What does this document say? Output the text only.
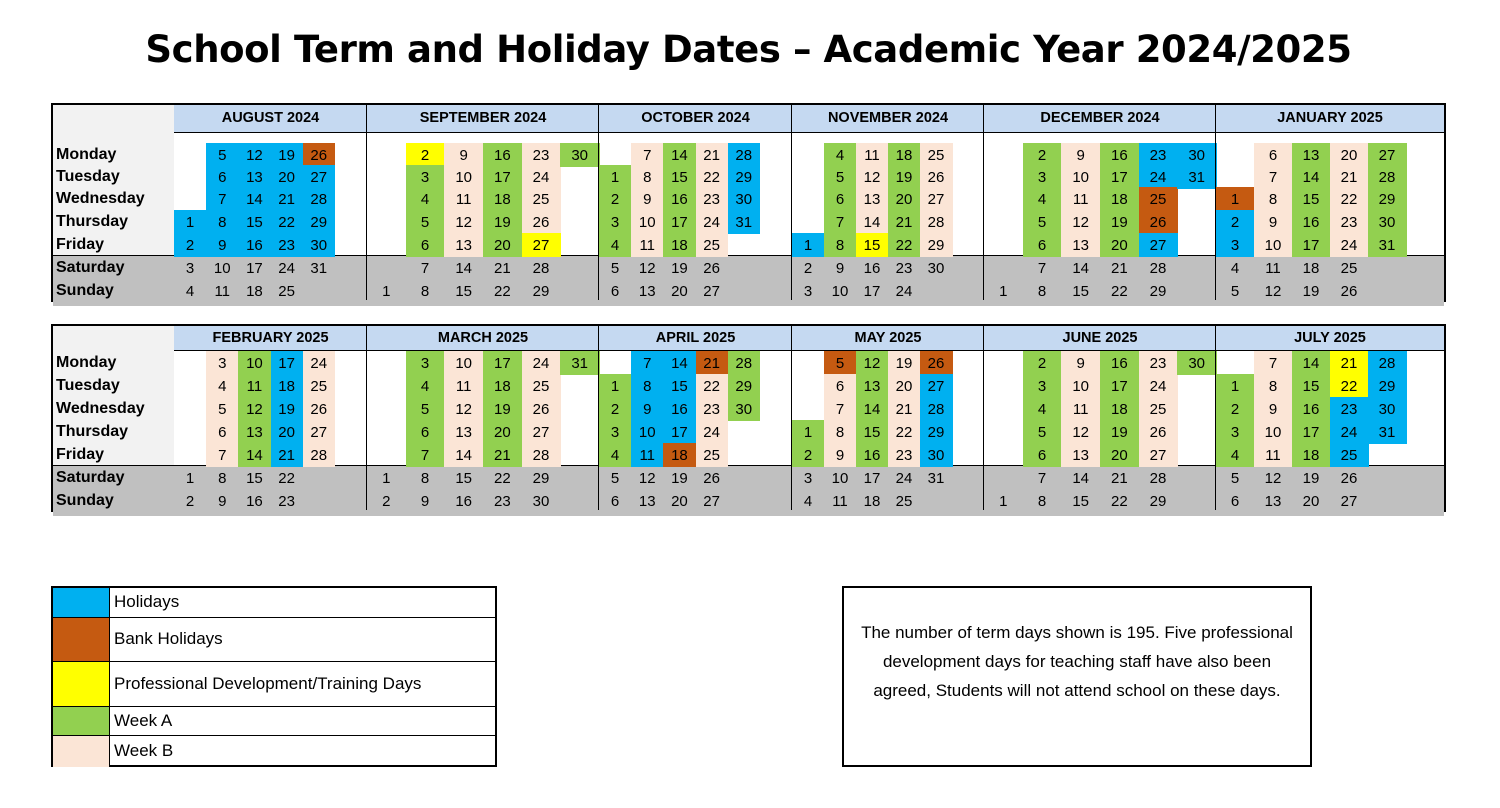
School Term and Holiday Dates – Academic Year 2024/2025
Monday
Tuesday
Wednesday
Thursday
Friday
Saturday
Sunday
AUGUST 2024
1
2
3
4
5
6
7
8
9
10
11
12
13
14
15
16
17
18
19
20
21
22
23
24
25
26
27
28
29
30
31
SEPTEMBER 2024
1
2
3
4
5
6
7
8
9
10
11
12
13
14
15
16
17
18
19
20
21
22
23
24
25
26
27
28
29
30
OCTOBER 2024
1
2
3
4
5
6
7
8
9
10
11
12
13
14
15
16
17
18
19
20
21
22
23
24
25
26
27
28
29
30
31
NOVEMBER 2024
1
2
3
4
5
6
7
8
9
10
11
12
13
14
15
16
17
18
19
20
21
22
23
24
25
26
27
28
29
30
DECEMBER 2024
1
2
3
4
5
6
7
8
9
10
11
12
13
14
15
16
17
18
19
20
21
22
23
24
25
26
27
28
29
30
31
JANUARY 2025
1
2
3
4
5
6
7
8
9
10
11
12
13
14
15
16
17
18
19
20
21
22
23
24
25
26
27
28
29
30
31
Monday
Tuesday
Wednesday
Thursday
Friday
Saturday
Sunday
FEBRUARY 2025
1
2
3
4
5
6
7
8
9
10
11
12
13
14
15
16
17
18
19
20
21
22
23
24
25
26
27
28
MARCH 2025
1
2
3
4
5
6
7
8
9
10
11
12
13
14
15
16
17
18
19
20
21
22
23
24
25
26
27
28
29
30
31
APRIL 2025
1
2
3
4
5
6
7
8
9
10
11
12
13
14
15
16
17
18
19
20
21
22
23
24
25
26
27
28
29
30
MAY 2025
1
2
3
4
5
6
7
8
9
10
11
12
13
14
15
16
17
18
19
20
21
22
23
24
25
26
27
28
29
30
31
JUNE 2025
1
2
3
4
5
6
7
8
9
10
11
12
13
14
15
16
17
18
19
20
21
22
23
24
25
26
27
28
29
30
JULY 2025
1
2
3
4
5
6
7
8
9
10
11
12
13
14
15
16
17
18
19
20
21
22
23
24
25
26
27
28
29
30
31
Holidays
Bank Holidays
Professional Development/Training Days
Week A
Week B
The number of term days shown is 195. Five professional development days for teaching staff have also been agreed, Students will not attend school on these days.
